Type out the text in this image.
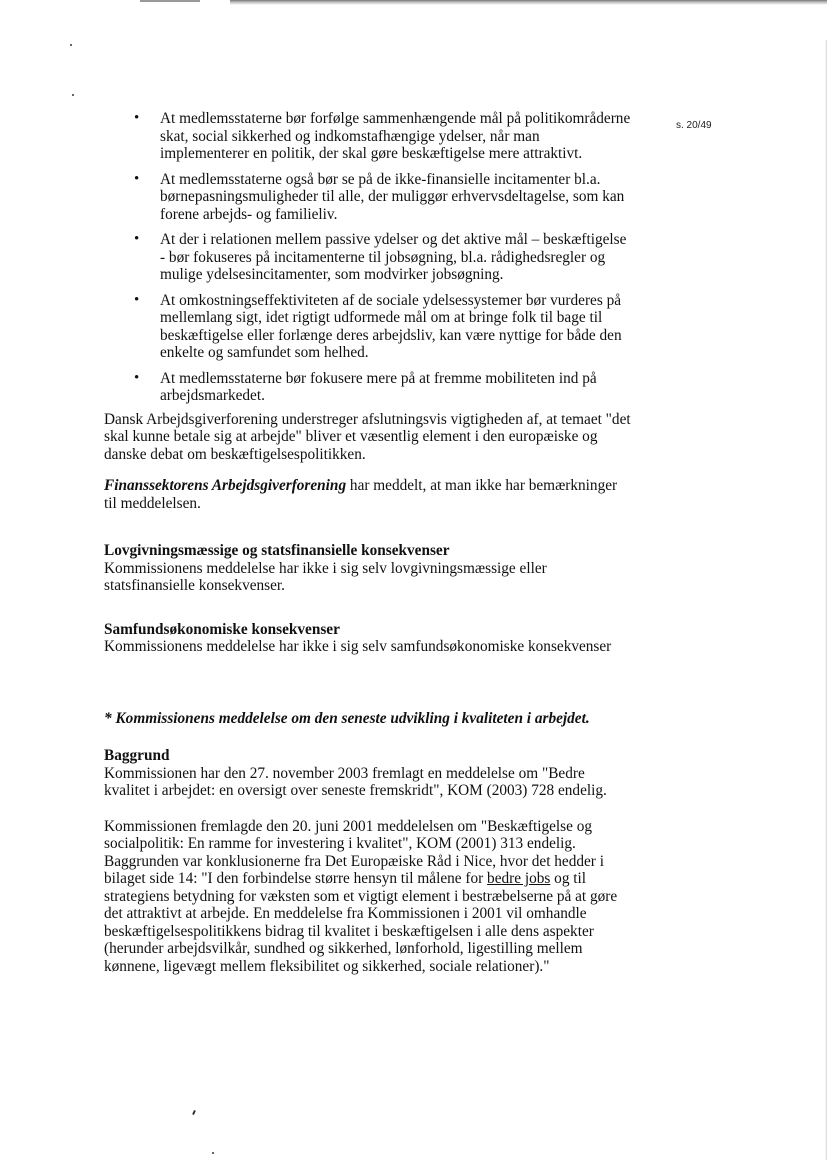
s. 20/49
• At medlemsstaterne bør forfølge sammenhængende mål på politikområderne skat, social sikkerhed og indkomstafhængige ydelser, når man implementerer en politik, der skal gøre beskæftigelse mere attraktivt.
• At medlemsstaterne også bør se på de ikke-finansielle incitamenter bl.a. børnepasningsmuligheder til alle, der muliggør erhvervsdeltagelse, som kan forene arbejds- og familieliv.
• At der i relationen mellem passive ydelser og det aktive mål – beskæftigelse - bør fokuseres på incitamenterne til jobsøgning, bl.a. rådighedsregler og mulige ydelsesincitamenter, som modvirker jobsøgning.
• At omkostningseffektiviteten af de sociale ydelsessystemer bør vurderes på mellemlang sigt, idet rigtigt udformede mål om at bringe folk til bage til beskæftigelse eller forlænge deres arbejdsliv, kan være nyttige for både den enkelte og samfundet som helhed.
• At medlemsstaterne bør fokusere mere på at fremme mobiliteten ind på arbejdsmarkedet.

Dansk Arbejdsgiverforening understreger afslutningsvis vigtigheden af, at temaet "det skal kunne betale sig at arbejde" bliver et væsentlig element i den europæiske og danske debat om beskæftigelsespolitikken.

Finanssektorens Arbejdsgiverforening har meddelt, at man ikke har bemærkninger til meddelelsen.

Lovgivningsmæssige og statsfinansielle konsekvenser

Kommissionens meddelelse har ikke i sig selv lovgivningsmæssige eller statsfinansielle konsekvenser.

Samfundsøkonomiske konsekvenser

Kommissionens meddelelse har ikke i sig selv samfundsøkonomiske konsekvenser

* Kommissionens meddelelse om den seneste udvikling i kvaliteten i arbejdet.
Baggrund

Kommissionen har den 27. november 2003 fremlagt en meddelelse om "Bedre kvalitet i arbejdet: en oversigt over seneste fremskridt", KOM (2003) 728 endelig.

Kommissionen fremlagde den 20. juni 2001 meddelelsen om "Beskæftigelse og socialpolitik: En ramme for investering i kvalitet", KOM (2001) 313 endelig. Baggrunden var konklusionerne fra Det Europæiske Råd i Nice, hvor det hedder i bilaget side 14: "I den forbindelse større hensyn til målene for bedre jobs og til strategiens betydning for væksten som et vigtigt element i bestræbelserne på at gøre det attraktivt at arbejde. En meddelelse fra Kommissionen i 2001 vil omhandle beskæftigelsespolitikkens bidrag til kvalitet i beskæftigelsen i alle dens aspekter (herunder arbejdsvilkår, sundhed og sikkerhed, lønforhold, ligestilling mellem kønnene, ligevægt mellem fleksibilitet og sikkerhed, sociale relationer)."
